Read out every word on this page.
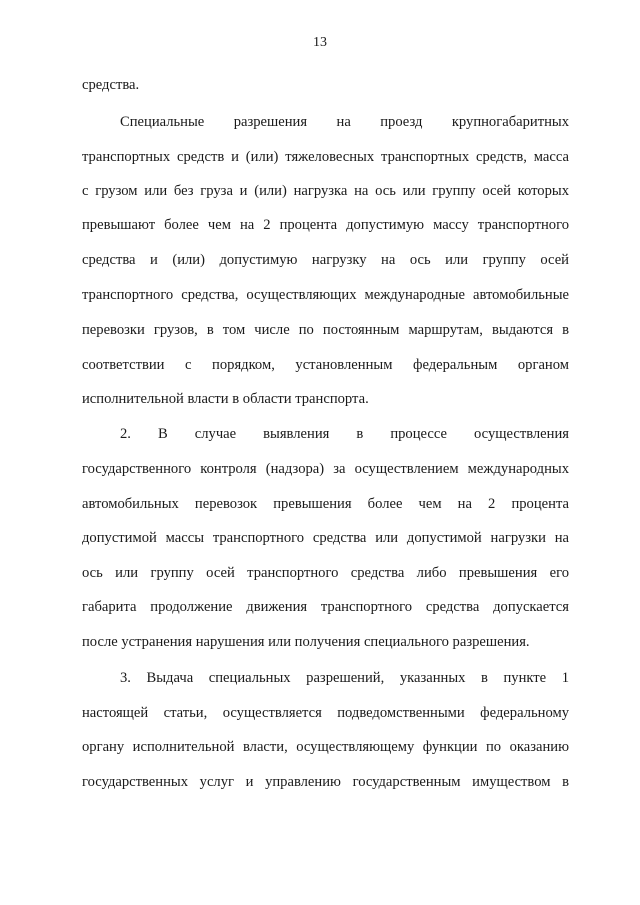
13
средства.
Специальные разрешения на проезд крупногабаритных
транспортных средств и (или) тяжеловесных транспортных средств, масса
с грузом или без груза и (или) нагрузка на ось или группу осей которых
превышают более чем на 2 процента допустимую массу транспортного
средства и (или) допустимую нагрузку на ось или группу осей
транспортного средства, осуществляющих международные автомобильные
перевозки грузов, в том числе по постоянным маршрутам, выдаются в
соответствии с порядком, установленным федеральным органом
исполнительной власти в области транспорта.
2. В случае выявления в процессе осуществления
государственного контроля (надзора) за осуществлением международных
автомобильных перевозок превышения более чем на 2 процента
допустимой массы транспортного средства или допустимой нагрузки на
ось или группу осей транспортного средства либо превышения его
габарита продолжение движения транспортного средства допускается
после устранения нарушения или получения специального разрешения.
3. Выдача специальных разрешений, указанных в пункте 1
настоящей статьи, осуществляется подведомственными федеральному
органу исполнительной власти, осуществляющему функции по оказанию
государственных услуг и управлению государственным имуществом в
